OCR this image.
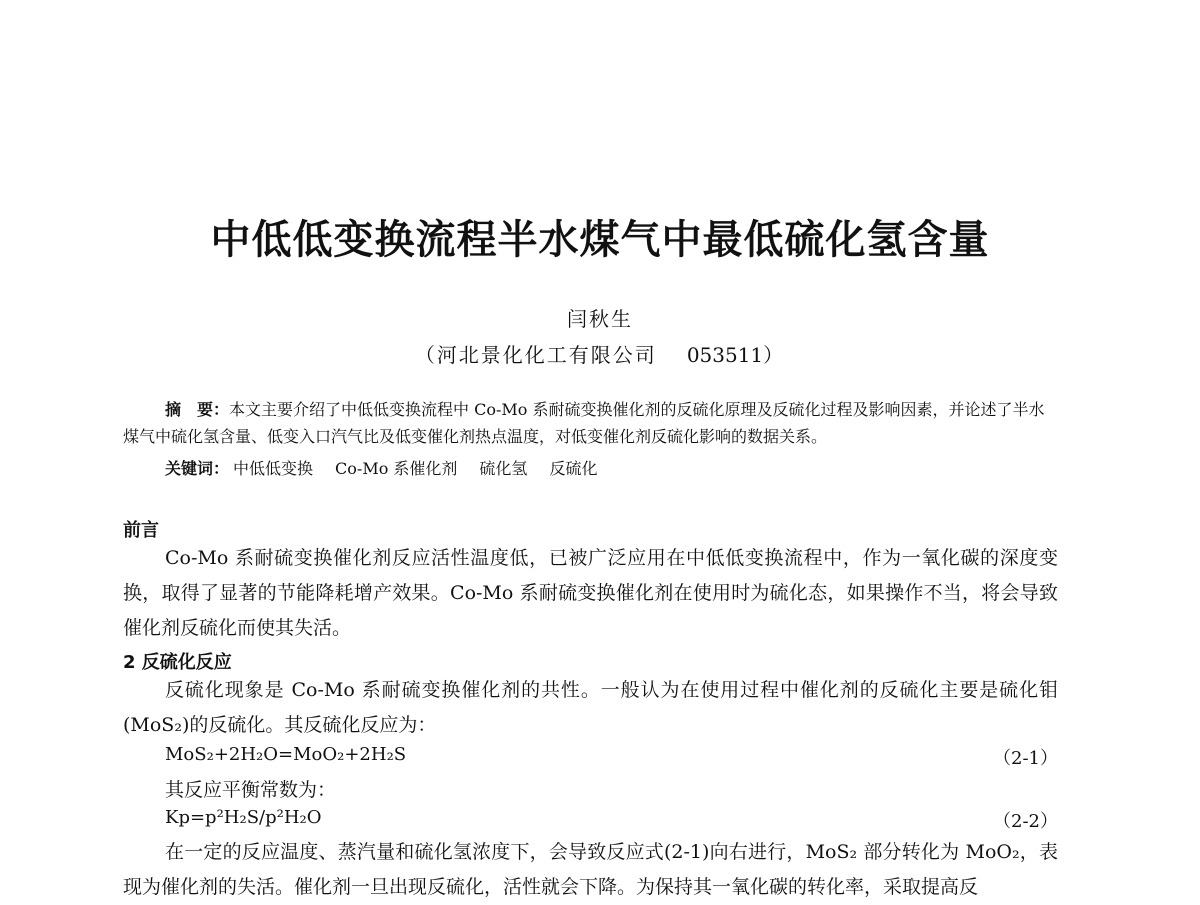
中低低变换流程半水煤气中最低硫化氢含量
闫秋生
（河北景化化工有限公司 053511）
摘　要：本文主要介绍了中低低变换流程中 Co-Mo 系耐硫变换催化剂的反硫化原理及反硫化过程及影响因素，并论述了半水煤气中硫化氢含量、低变入口汽气比及低变催化剂热点温度，对低变催化剂反硫化影响的数据关系。
关键词： 中低低变换 Co-Mo 系催化剂 硫化氢 反硫化
前言
Co-Mo 系耐硫变换催化剂反应活性温度低，已被广泛应用在中低低变换流程中，作为一氧化碳的深度变换，取得了显著的节能降耗增产效果。Co-Mo 系耐硫变换催化剂在使用时为硫化态，如果操作不当，将会导致催化剂反硫化而使其失活。
2 反硫化反应
反硫化现象是 Co-Mo 系耐硫变换催化剂的共性。一般认为在使用过程中催化剂的反硫化主要是硫化钼(MoS₂)的反硫化。其反硫化反应为：
MoS₂+2H₂O=MoO₂+2H₂S	（2-1）
其反应平衡常数为：
Kp=p²H₂S/p²H₂O	（2-2）
在一定的反应温度、蒸汽量和硫化氢浓度下，会导致反应式(2-1)向右进行，MoS₂ 部分转化为 MoO₂，表现为催化剂的失活。催化剂一旦出现反硫化，活性就会下降。为保持其一氧化碳的转化率，采取提高反
